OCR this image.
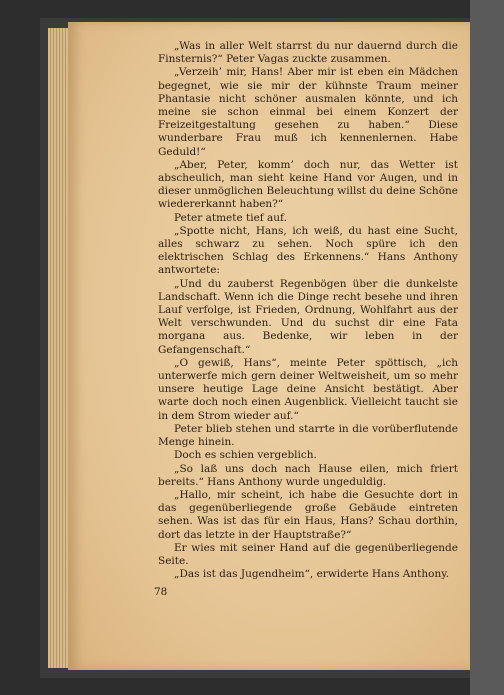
„Was in aller Welt starrst du nur dauernd durch die Finsternis?“ Peter Vagas zuckte zusammen.

„Verzeih’ mir, Hans! Aber mir ist eben ein Mädchen begegnet, wie sie mir der kühnste Traum meiner Phantasie nicht schöner ausmalen könnte, und ich meine sie schon einmal bei einem Konzert der Freizeitgestaltung gesehen zu haben.“ Diese wunderbare Frau muß ich kennenlernen. Habe Geduld!“

„Aber, Peter, komm’ doch nur, das Wetter ist abscheulich, man sieht keine Hand vor Augen, und in dieser unmöglichen Beleuchtung willst du deine Schöne wiedererkannt haben?“

Peter atmete tief auf.

„Spotte nicht, Hans, ich weiß, du hast eine Sucht, alles schwarz zu sehen. Noch spüre ich den elektrischen Schlag des Erkennens.“ Hans Anthony antwortete:

„Und du zauberst Regenbögen über die dunkelste Landschaft. Wenn ich die Dinge recht besehe und ihren Lauf verfolge, ist Frieden, Ordnung, Wohlfahrt aus der Welt verschwunden. Und du suchst dir eine Fata morgana aus. Bedenke, wir leben in der Gefangenschaft.“

„O gewiß, Hans“, meinte Peter spöttisch, „ich unterwerfe mich gern deiner Weltweisheit, um so mehr unsere heutige Lage deine Ansicht bestätigt. Aber warte doch noch einen Augenblick. Vielleicht taucht sie in dem Strom wieder auf.“

Peter blieb stehen und starrte in die vorüberflutende Menge hinein.

Doch es schien vergeblich.

„So laß uns doch nach Hause eilen, mich friert bereits.“ Hans Anthony wurde ungeduldig.

„Hallo, mir scheint, ich habe die Gesuchte dort in das gegenüberliegende große Gebäude eintreten sehen. Was ist das für ein Haus, Hans? Schau dorthin, dort das letzte in der Hauptstraße?“

Er wies mit seiner Hand auf die gegenüberliegende Seite.

„Das ist das Jugendheim“, erwiderte Hans Anthony.

78
